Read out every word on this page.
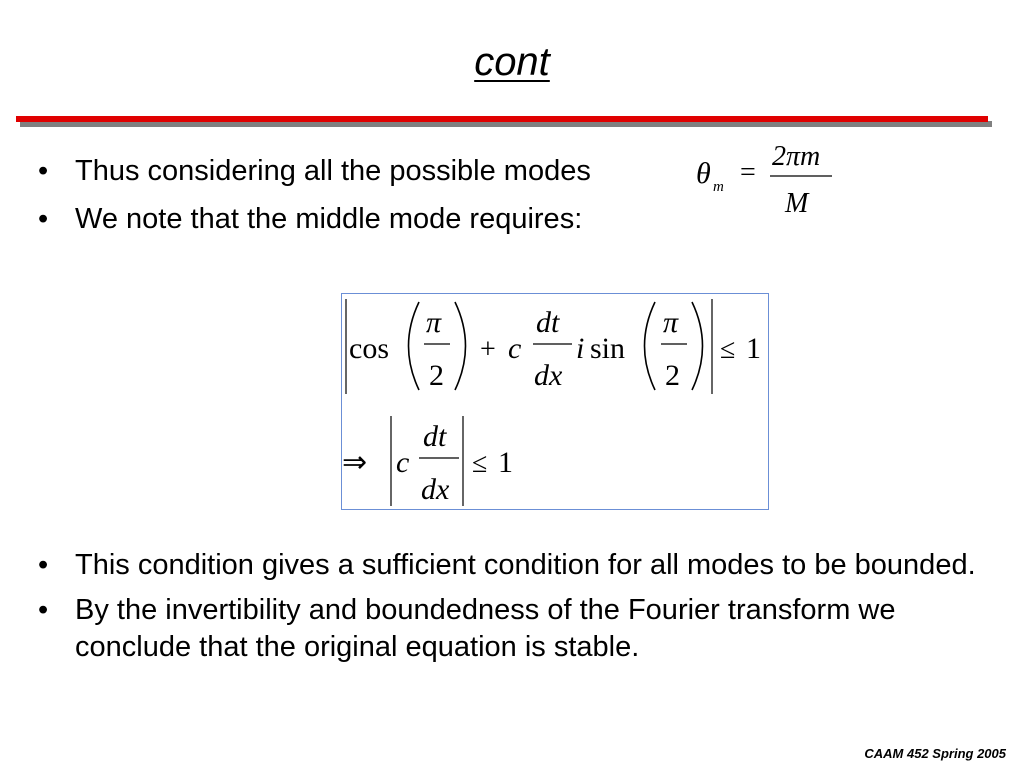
cont
• Thus considering all the possible modes
• We note that the middle mode requires:
θ m =
2πm
M
cos
π
2
+ c
dt
dx
i sin
π
2
≤ 1
⇒ c
dt
dx
≤ 1
• This condition gives a sufficient condition for all modes to be bounded.
• By the invertibility and boundedness of the Fourier transform we conclude that the original equation is stable.
CAAM 452 Spring 2005
